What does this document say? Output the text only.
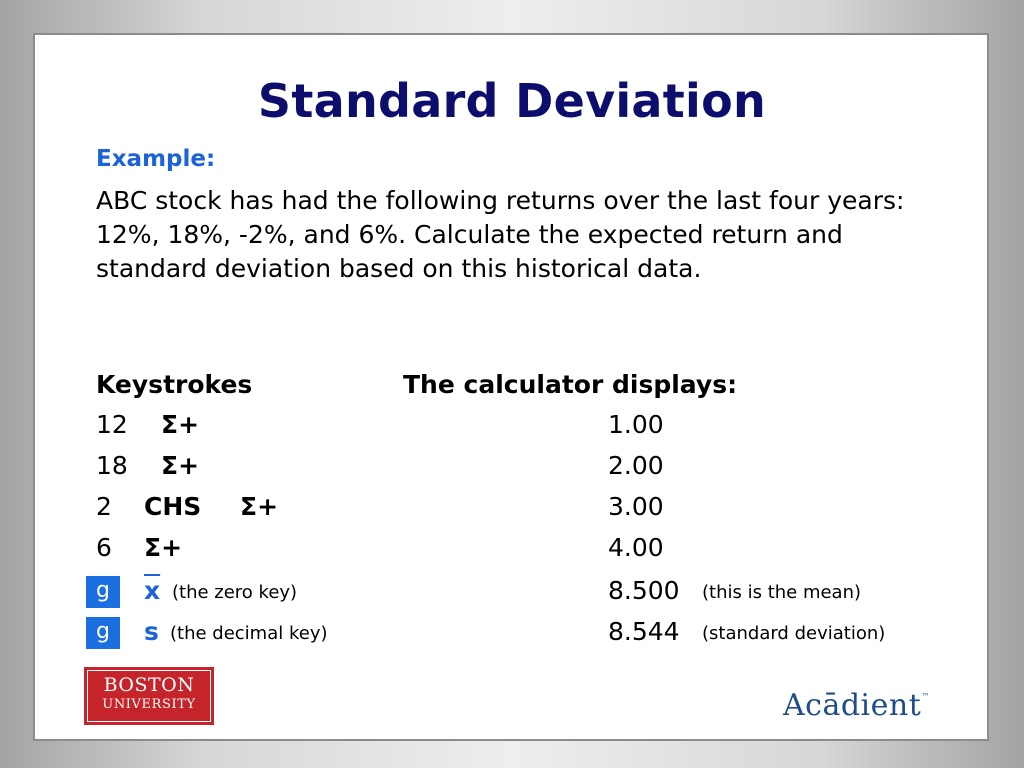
Standard Deviation
Example:
ABC stock has had the following returns over the last four years: 12%, 18%, -2%, and 6%. Calculate the expected return and standard deviation based on this historical data.
Keystrokes	The calculator displays:
12 Σ+	1.00
18 Σ+	2.00
2 CHS Σ+	3.00
6 Σ+	4.00
g	$\overline{x}$ (the zero key)	8.500 (this is the mean)
g	s (the decimal key)	8.544 (standard deviation)
BOSTON
UNIVERSITY	Acādient™
